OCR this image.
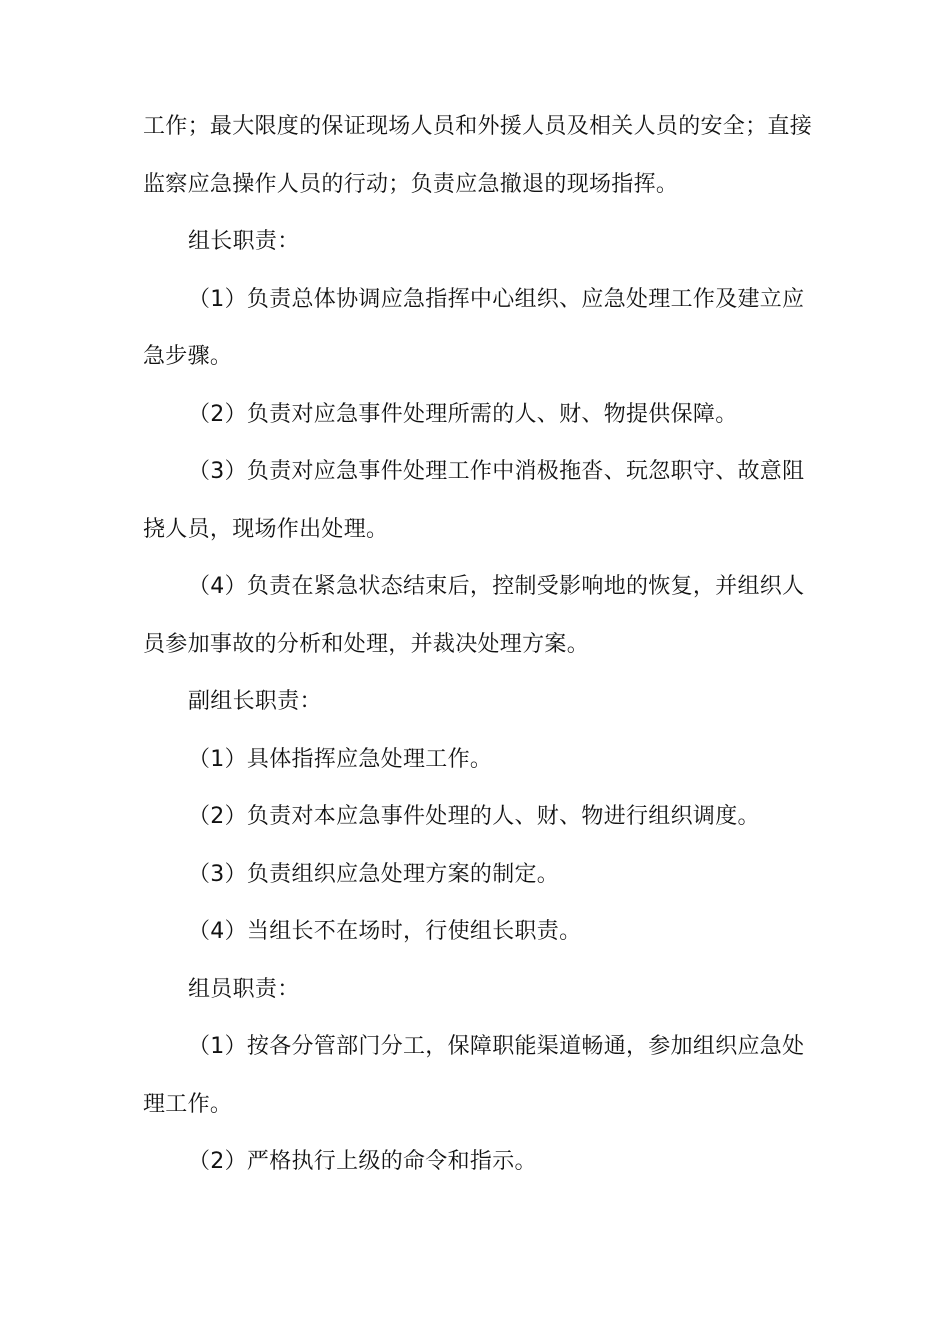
工作；最大限度的保证现场人员和外援人员及相关人员的安全；直接

监察应急操作人员的行动；负责应急撤退的现场指挥。

组长职责：

（1）负责总体协调应急指挥中心组织、应急处理工作及建立应

急步骤。

（2）负责对应急事件处理所需的人、财、物提供保障。

（3）负责对应急事件处理工作中消极拖沓、玩忽职守、故意阻

挠人员，现场作出处理。

（4）负责在紧急状态结束后，控制受影响地的恢复，并组织人

员参加事故的分析和处理，并裁决处理方案。

副组长职责：

（1）具体指挥应急处理工作。

（2）负责对本应急事件处理的人、财、物进行组织调度。

（3）负责组织应急处理方案的制定。

（4）当组长不在场时，行使组长职责。

组员职责：

（1）按各分管部门分工，保障职能渠道畅通，参加组织应急处

理工作。

（2）严格执行上级的命令和指示。
